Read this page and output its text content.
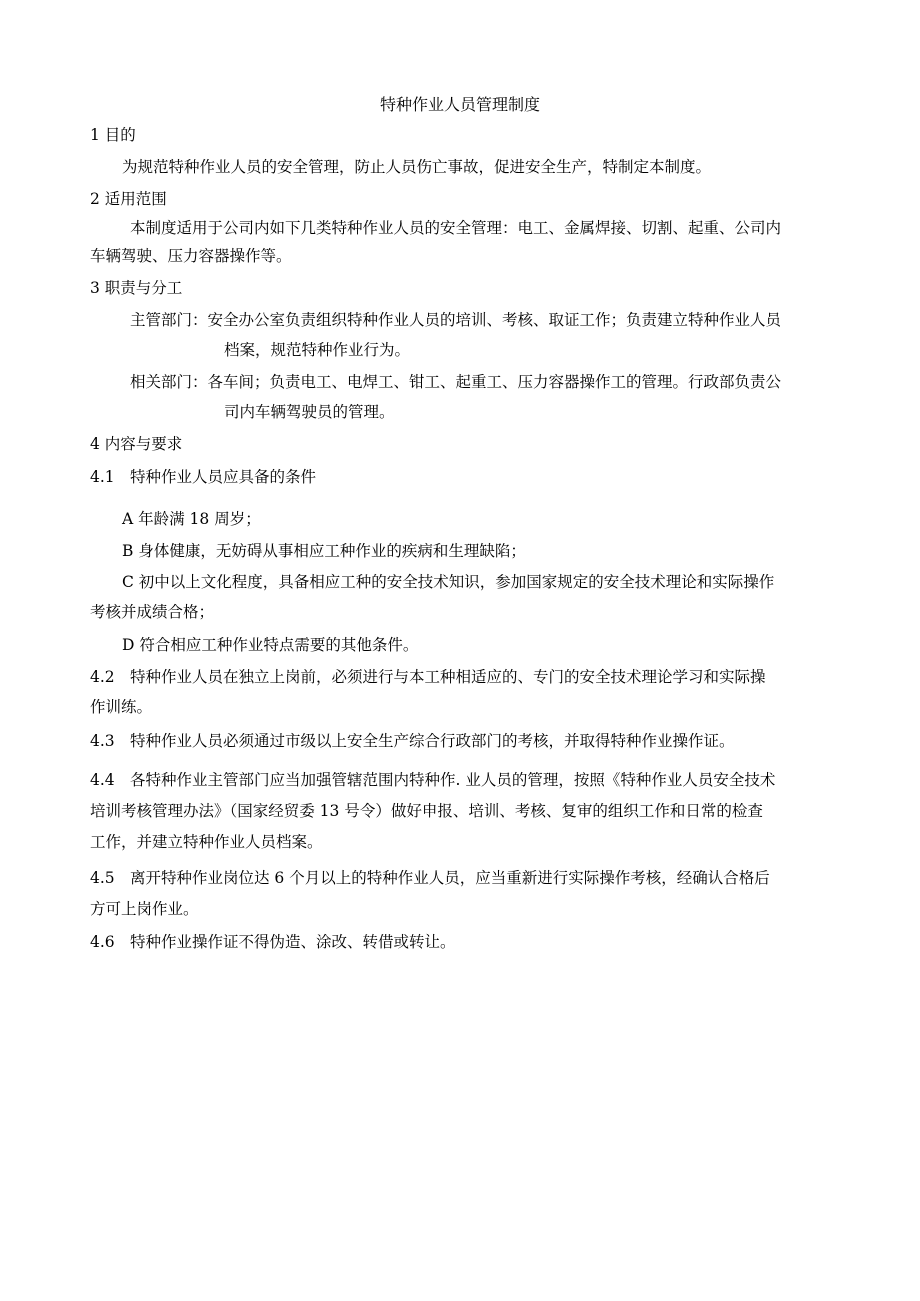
特种作业人员管理制度

1 目的

为规范特种作业人员的安全管理，防止人员伤亡事故，促进安全生产，特制定本制度。

2 适用范围

本制度适用于公司内如下几类特种作业人员的安全管理：电工、金属焊接、切割、起重、公司内

车辆驾驶、压力容器操作等。

3 职责与分工

主管部门：安全办公室负责组织特种作业人员的培训、考核、取证工作；负责建立特种作业人员

档案，规范特种作业行为。

相关部门：各车间；负责电工、电焊工、钳工、起重工、压力容器操作工的管理。行政部负责公

司内车辆驾驶员的管理。

4 内容与要求

4.1 特种作业人员应具备的条件

A 年龄满 18 周岁；

B 身体健康，无妨碍从事相应工种作业的疾病和生理缺陷；

C 初中以上文化程度，具备相应工种的安全技术知识，参加国家规定的安全技术理论和实际操作

考核并成绩合格；

D 符合相应工种作业特点需要的其他条件。

4.2 特种作业人员在独立上岗前，必须进行与本工种相适应的、专门的安全技术理论学习和实际操

作训练。

4.3 特种作业人员必须通过市级以上安全生产综合行政部门的考核，并取得特种作业操作证。

4.4 各特种作业主管部门应当加强管辖范围内特种作. 业人员的管理，按照《特种作业人员安全技术

培训考核管理办法》（国家经贸委 13 号令）做好申报、培训、考核、复审的组织工作和日常的检查

工作，并建立特种作业人员档案。

4.5 离开特种作业岗位达 6 个月以上的特种作业人员，应当重新进行实际操作考核，经确认合格后

方可上岗作业。

4.6 特种作业操作证不得伪造、涂改、转借或转让。
